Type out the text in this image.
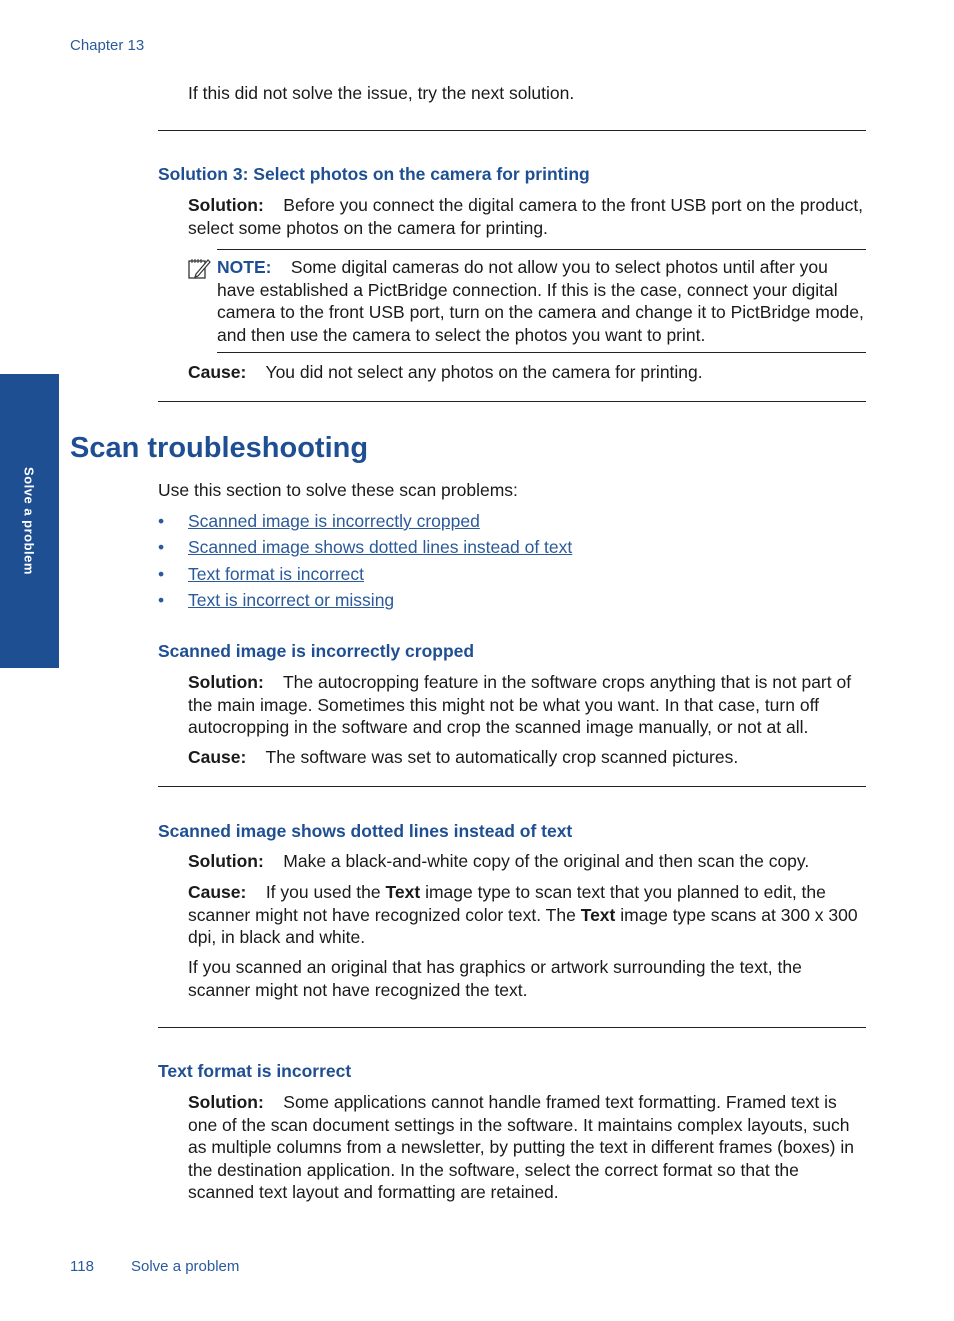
Chapter 13
Solve a problem
If this did not solve the issue, try the next solution.
Solution 3: Select photos on the camera for printing
Solution: Before you connect the digital camera to the front USB port on the product, select some photos on the camera for printing.
NOTE: Some digital cameras do not allow you to select photos until after you have established a PictBridge connection. If this is the case, connect your digital camera to the front USB port, turn on the camera and change it to PictBridge mode, and then use the camera to select the photos you want to print.
Cause: You did not select any photos on the camera for printing.
Scan troubleshooting
Use this section to solve these scan problems:
• Scanned image is incorrectly cropped
• Scanned image shows dotted lines instead of text
• Text format is incorrect
• Text is incorrect or missing
Scanned image is incorrectly cropped
Solution: The autocropping feature in the software crops anything that is not part of the main image. Sometimes this might not be what you want. In that case, turn off autocropping in the software and crop the scanned image manually, or not at all.
Cause: The software was set to automatically crop scanned pictures.
Scanned image shows dotted lines instead of text
Solution: Make a black-and-white copy of the original and then scan the copy.
Cause: If you used the Text image type to scan text that you planned to edit, the scanner might not have recognized color text. The Text image type scans at 300 x 300 dpi, in black and white.
If you scanned an original that has graphics or artwork surrounding the text, the scanner might not have recognized the text.
Text format is incorrect
Solution: Some applications cannot handle framed text formatting. Framed text is one of the scan document settings in the software. It maintains complex layouts, such as multiple columns from a newsletter, by putting the text in different frames (boxes) in the destination application. In the software, select the correct format so that the scanned text layout and formatting are retained.
118 Solve a problem
